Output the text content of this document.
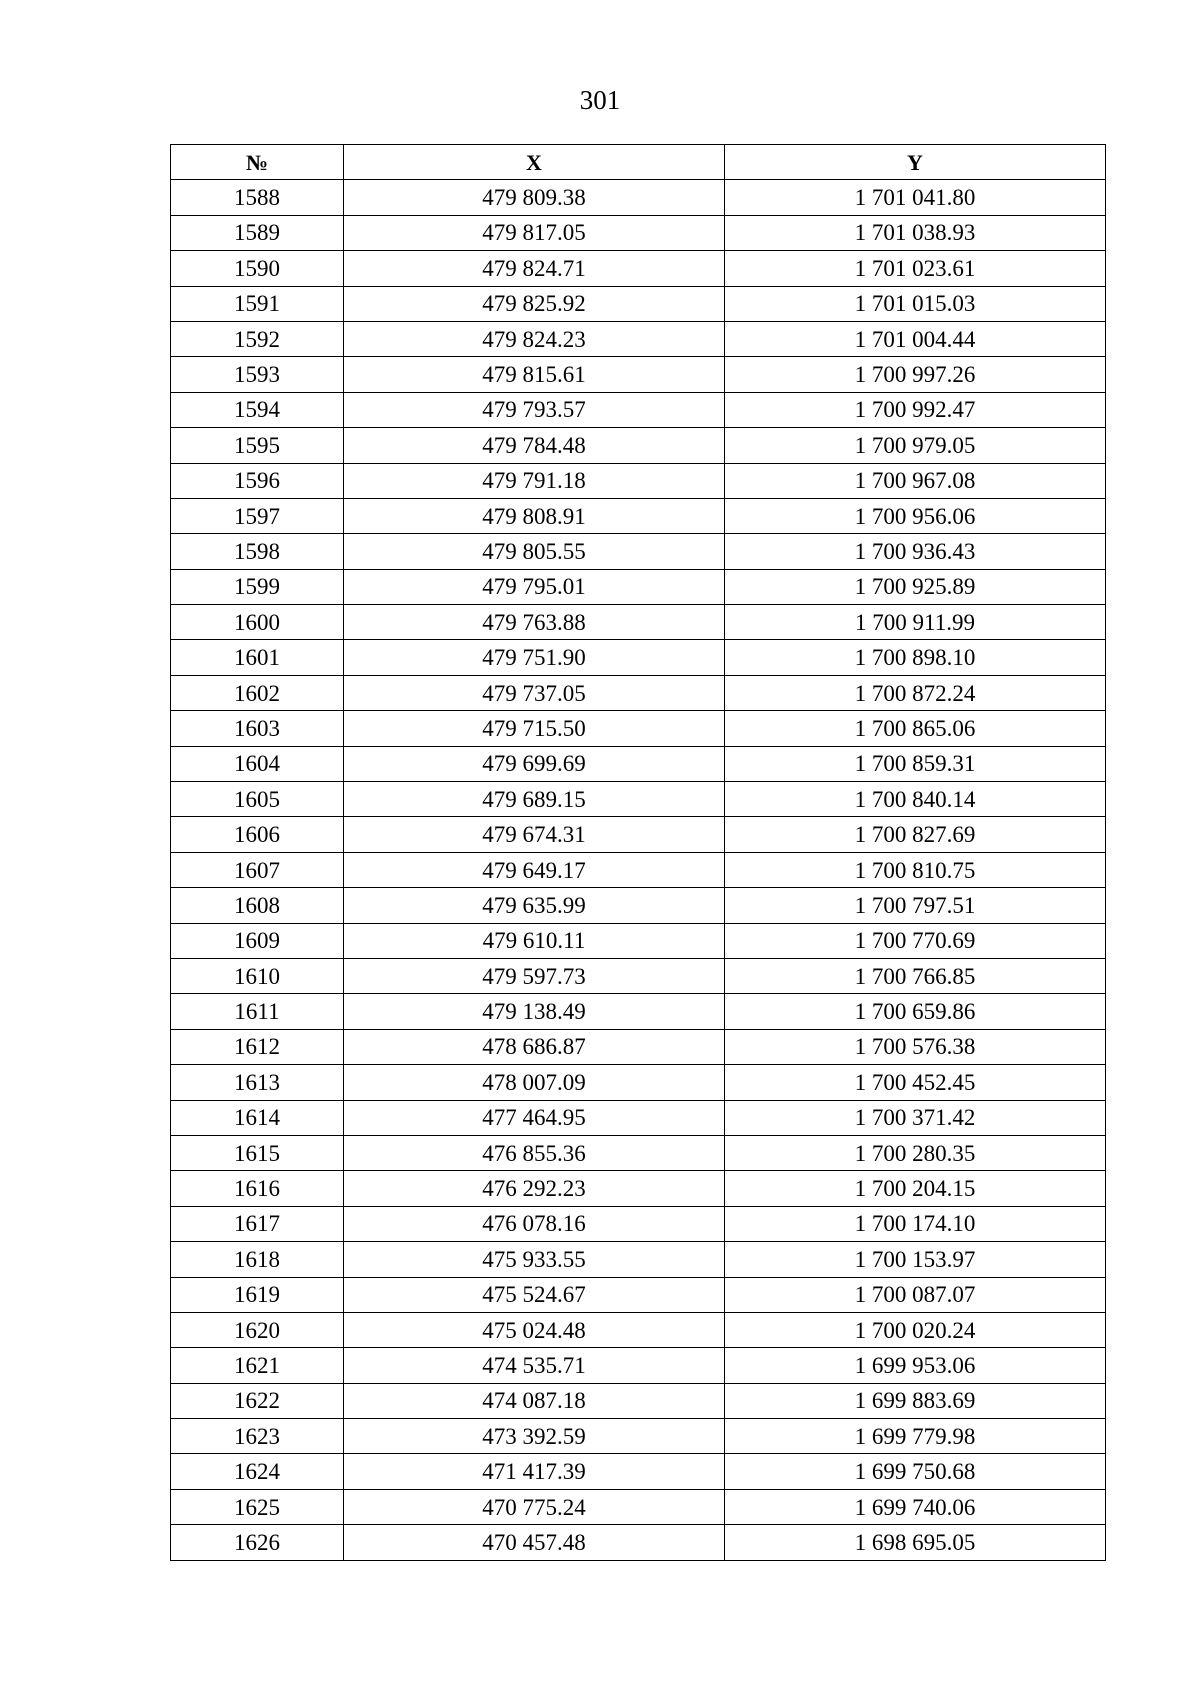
301
№	X	Y
1588	479 809.38	1 701 041.80
1589	479 817.05	1 701 038.93
1590	479 824.71	1 701 023.61
1591	479 825.92	1 701 015.03
1592	479 824.23	1 701 004.44
1593	479 815.61	1 700 997.26
1594	479 793.57	1 700 992.47
1595	479 784.48	1 700 979.05
1596	479 791.18	1 700 967.08
1597	479 808.91	1 700 956.06
1598	479 805.55	1 700 936.43
1599	479 795.01	1 700 925.89
1600	479 763.88	1 700 911.99
1601	479 751.90	1 700 898.10
1602	479 737.05	1 700 872.24
1603	479 715.50	1 700 865.06
1604	479 699.69	1 700 859.31
1605	479 689.15	1 700 840.14
1606	479 674.31	1 700 827.69
1607	479 649.17	1 700 810.75
1608	479 635.99	1 700 797.51
1609	479 610.11	1 700 770.69
1610	479 597.73	1 700 766.85
1611	479 138.49	1 700 659.86
1612	478 686.87	1 700 576.38
1613	478 007.09	1 700 452.45
1614	477 464.95	1 700 371.42
1615	476 855.36	1 700 280.35
1616	476 292.23	1 700 204.15
1617	476 078.16	1 700 174.10
1618	475 933.55	1 700 153.97
1619	475 524.67	1 700 087.07
1620	475 024.48	1 700 020.24
1621	474 535.71	1 699 953.06
1622	474 087.18	1 699 883.69
1623	473 392.59	1 699 779.98
1624	471 417.39	1 699 750.68
1625	470 775.24	1 699 740.06
1626	470 457.48	1 698 695.05
